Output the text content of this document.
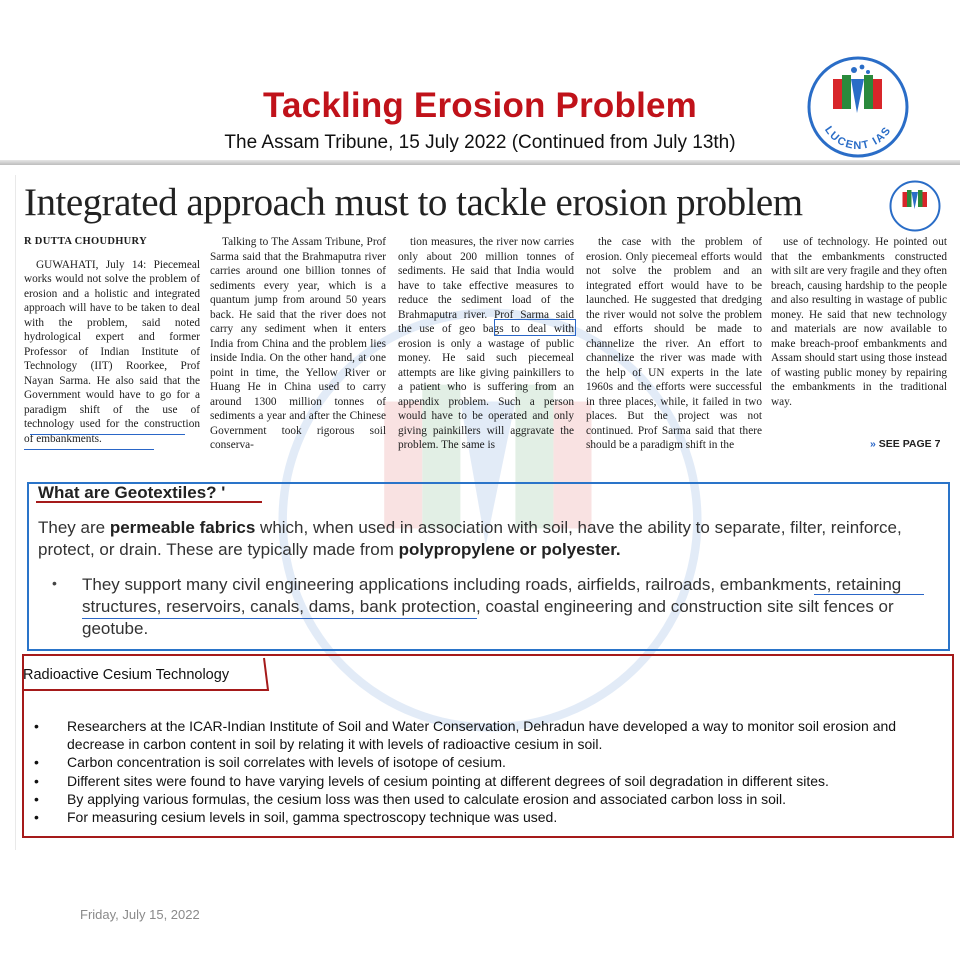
Tackling Erosion Problem
The Assam Tribune, 15 July 2022 (Continued from July 13th)
LUCENT IAS
Integrated approach must to tackle erosion problem
R DUTTA CHOUDHURY

GUWAHATI, July 14: Piecemeal works would not solve the problem of erosion and a holistic and integrated approach will have to be taken to deal with the problem, said noted hydrological expert and former Professor of Indian Institute of Technology (IIT) Roorkee, Prof Nayan Sarma. He also said that the Government would have to go for a paradigm shift of the use of technology used for the construction of embankments.

Talking to The Assam Tribune, Prof Sarma said that the Brahmaputra river carries around one billion tonnes of sediments every year, which is a quantum jump from around 50 years back. He said that the river does not carry any sediment when it enters India from China and the problem lies inside India. On the other hand, at one point in time, the Yellow River or Huang He in China used to carry around 1300 million tonnes of sediments a year and after the Chinese Government took rigorous soil conserva-

tion measures, the river now carries only about 200 million tonnes of sediments. He said that India would have to take effective measures to reduce the sediment load of the Brahmaputra river. Prof Sarma said the use of geo bags to deal with erosion is only a wastage of public money. He said such piecemeal attempts are like giving painkillers to a patient who is suffering from an appendix problem. Such a person would have to be operated and only giving painkillers will aggravate the problem. The same is

the case with the problem of erosion. Only piecemeal efforts would not solve the problem and an integrated effort would have to be launched. He suggested that dredging the river would not solve the problem and efforts should be made to channelize the river. An effort to channelize the river was made with the help of UN experts in the late 1960s and the efforts were successful in three places, while, it failed in two places. But the project was not continued. Prof Sarma said that there should be a paradigm shift in the

use of technology. He pointed out that the embankments constructed with silt are very fragile and they often breach, causing hardship to the people and also resulting in wastage of public money. He said that new technology and materials are now available to make breach-proof embankments and Assam should start using those instead of wasting public money by repairing the embankments in the traditional way.

» SEE PAGE 7
What are Geotextiles? '
They are permeable fabrics which, when used in association with soil, have the ability to separate, filter, reinforce, protect, or drain. These are typically made from polypropylene or polyester.
• They support many civil engineering applications including roads, airfields, railroads, embankments, retaining structures, reservoirs, canals, dams, bank protection, coastal engineering and construction site silt fences or geotube.
Radioactive Cesium Technology
• Researchers at the ICAR-Indian Institute of Soil and Water Conservation, Dehradun have developed a way to monitor soil erosion and decrease in carbon content in soil by relating it with levels of radioactive cesium in soil.
• Carbon concentration is soil correlates with levels of isotope of cesium.
• Different sites were found to have varying levels of cesium pointing at different degrees of soil degradation in different sites.
• By applying various formulas, the cesium loss was then used to calculate erosion and associated carbon loss in soil.
• For measuring cesium levels in soil, gamma spectroscopy technique was used.
Friday, July 15, 2022
